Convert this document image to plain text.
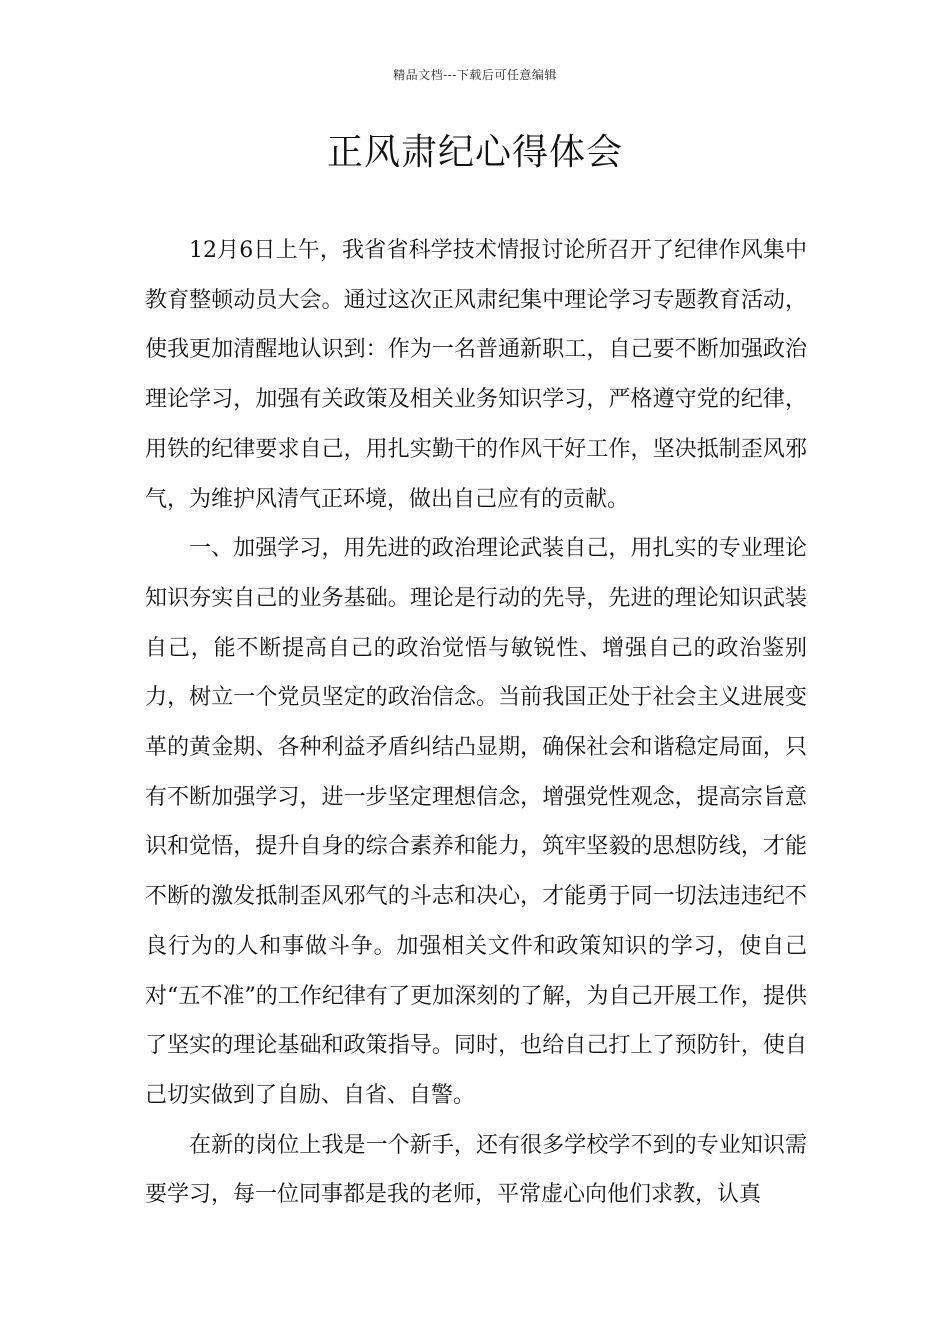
精品文档---下载后可任意编辑
正风肃纪心得体会

12月6日上午，我省省科学技术情报讨论所召开了纪律作风集中教育整顿动员大会。通过这次正风肃纪集中理论学习专题教育活动，使我更加清醒地认识到：作为一名普通新职工，自己要不断加强政治理论学习，加强有关政策及相关业务知识学习，严格遵守党的纪律，用铁的纪律要求自己，用扎实勤干的作风干好工作，坚决抵制歪风邪气，为维护风清气正环境，做出自己应有的贡献。

一、加强学习，用先进的政治理论武装自己，用扎实的专业理论知识夯实自己的业务基础。理论是行动的先导，先进的理论知识武装自己，能不断提高自己的政治觉悟与敏锐性、增强自己的政治鉴别力，树立一个党员坚定的政治信念。当前我国正处于社会主义进展变革的黄金期、各种利益矛盾纠结凸显期，确保社会和谐稳定局面，只有不断加强学习，进一步坚定理想信念，增强党性观念，提高宗旨意识和觉悟，提升自身的综合素养和能力，筑牢坚毅的思想防线，才能不断的激发抵制歪风邪气的斗志和决心，才能勇于同一切法违违纪不良行为的人和事做斗争。加强相关文件和政策知识的学习，使自己对“五不准”的工作纪律有了更加深刻的了解，为自己开展工作，提供了坚实的理论基础和政策指导。同时，也给自己打上了预防针，使自己切实做到了自励、自省、自警。

在新的岗位上我是一个新手，还有很多学校学不到的专业知识需要学习，每一位同事都是我的老师，平常虚心向他们求教，认真
